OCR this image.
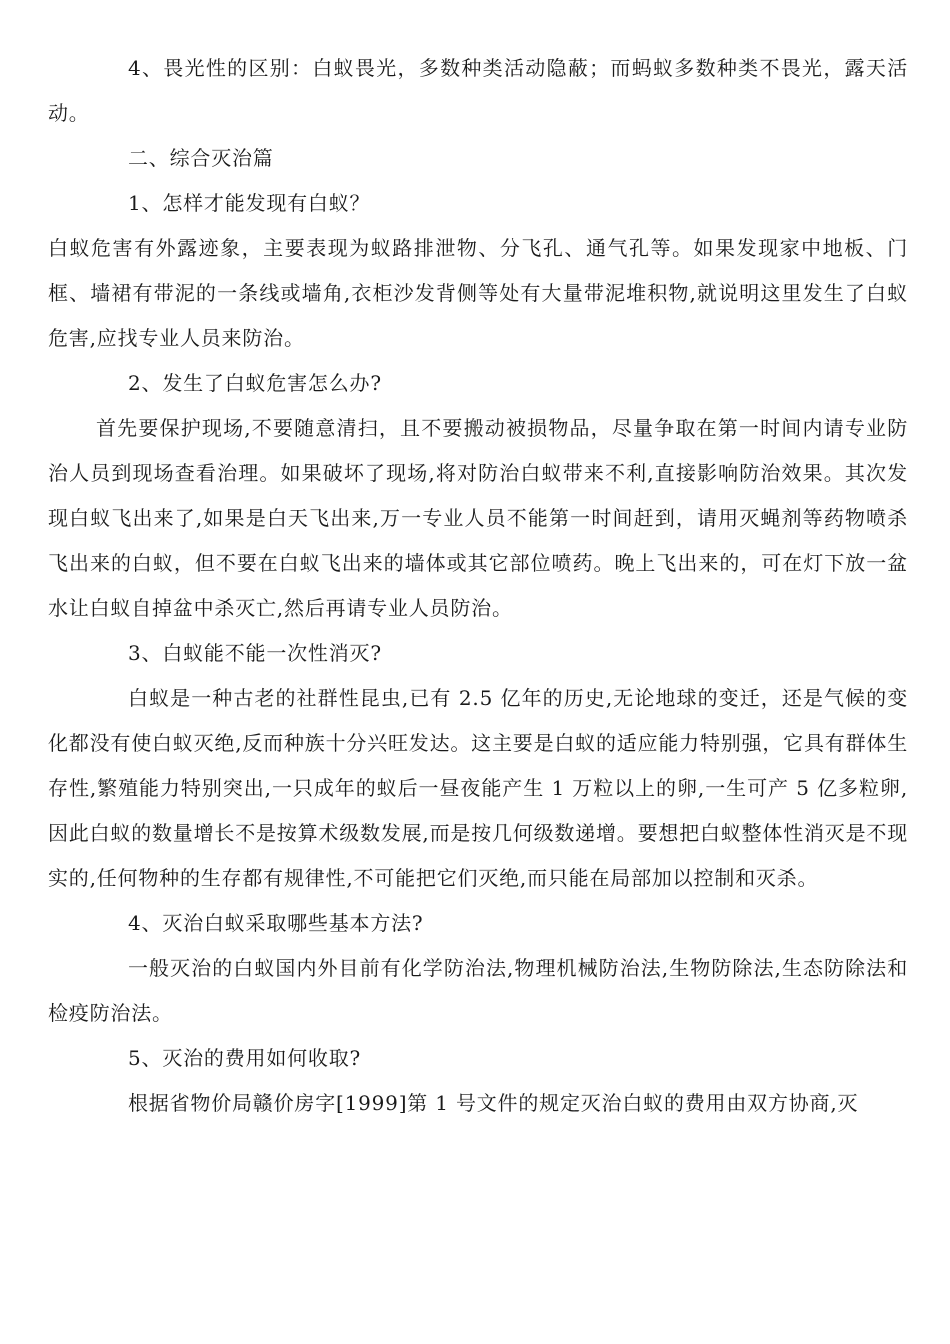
4、畏光性的区别：白蚁畏光，多数种类活动隐蔽；而蚂蚁多数种类不畏光，露天活动。

二、综合灭治篇

1、怎样才能发现有白蚁？

白蚁危害有外露迹象，主要表现为蚁路排泄物、分飞孔、通气孔等。如果发现家中地板、门框、墙裙有带泥的一条线或墙角,衣柜沙发背侧等处有大量带泥堆积物,就说明这里发生了白蚁危害,应找专业人员来防治。

2、发生了白蚁危害怎么办?

首先要保护现场,不要随意清扫，且不要搬动被损物品，尽量争取在第一时间内请专业防治人员到现场查看治理。如果破坏了现场,将对防治白蚁带来不利,直接影响防治效果。其次发现白蚁飞出来了,如果是白天飞出来,万一专业人员不能第一时间赶到，请用灭蝇剂等药物喷杀飞出来的白蚁，但不要在白蚁飞出来的墙体或其它部位喷药。晚上飞出来的，可在灯下放一盆水让白蚁自掉盆中杀灭亡,然后再请专业人员防治。

3、白蚁能不能一次性消灭?

白蚁是一种古老的社群性昆虫,已有 2.5 亿年的历史,无论地球的变迁，还是气候的变化都没有使白蚁灭绝,反而种族十分兴旺发达。这主要是白蚁的适应能力特别强，它具有群体生存性,繁殖能力特别突出,一只成年的蚁后一昼夜能产生 1 万粒以上的卵,一生可产 5 亿多粒卵,因此白蚁的数量增长不是按算术级数发展,而是按几何级数递增。要想把白蚁整体性消灭是不现实的,任何物种的生存都有规律性,不可能把它们灭绝,而只能在局部加以控制和灭杀。

4、灭治白蚁采取哪些基本方法?

一般灭治的白蚁国内外目前有化学防治法,物理机械防治法,生物防除法,生态防除法和检疫防治法。

5、灭治的费用如何收取?

根据省物价局赣价房字[1999]第 1 号文件的规定灭治白蚁的费用由双方协商,灭
